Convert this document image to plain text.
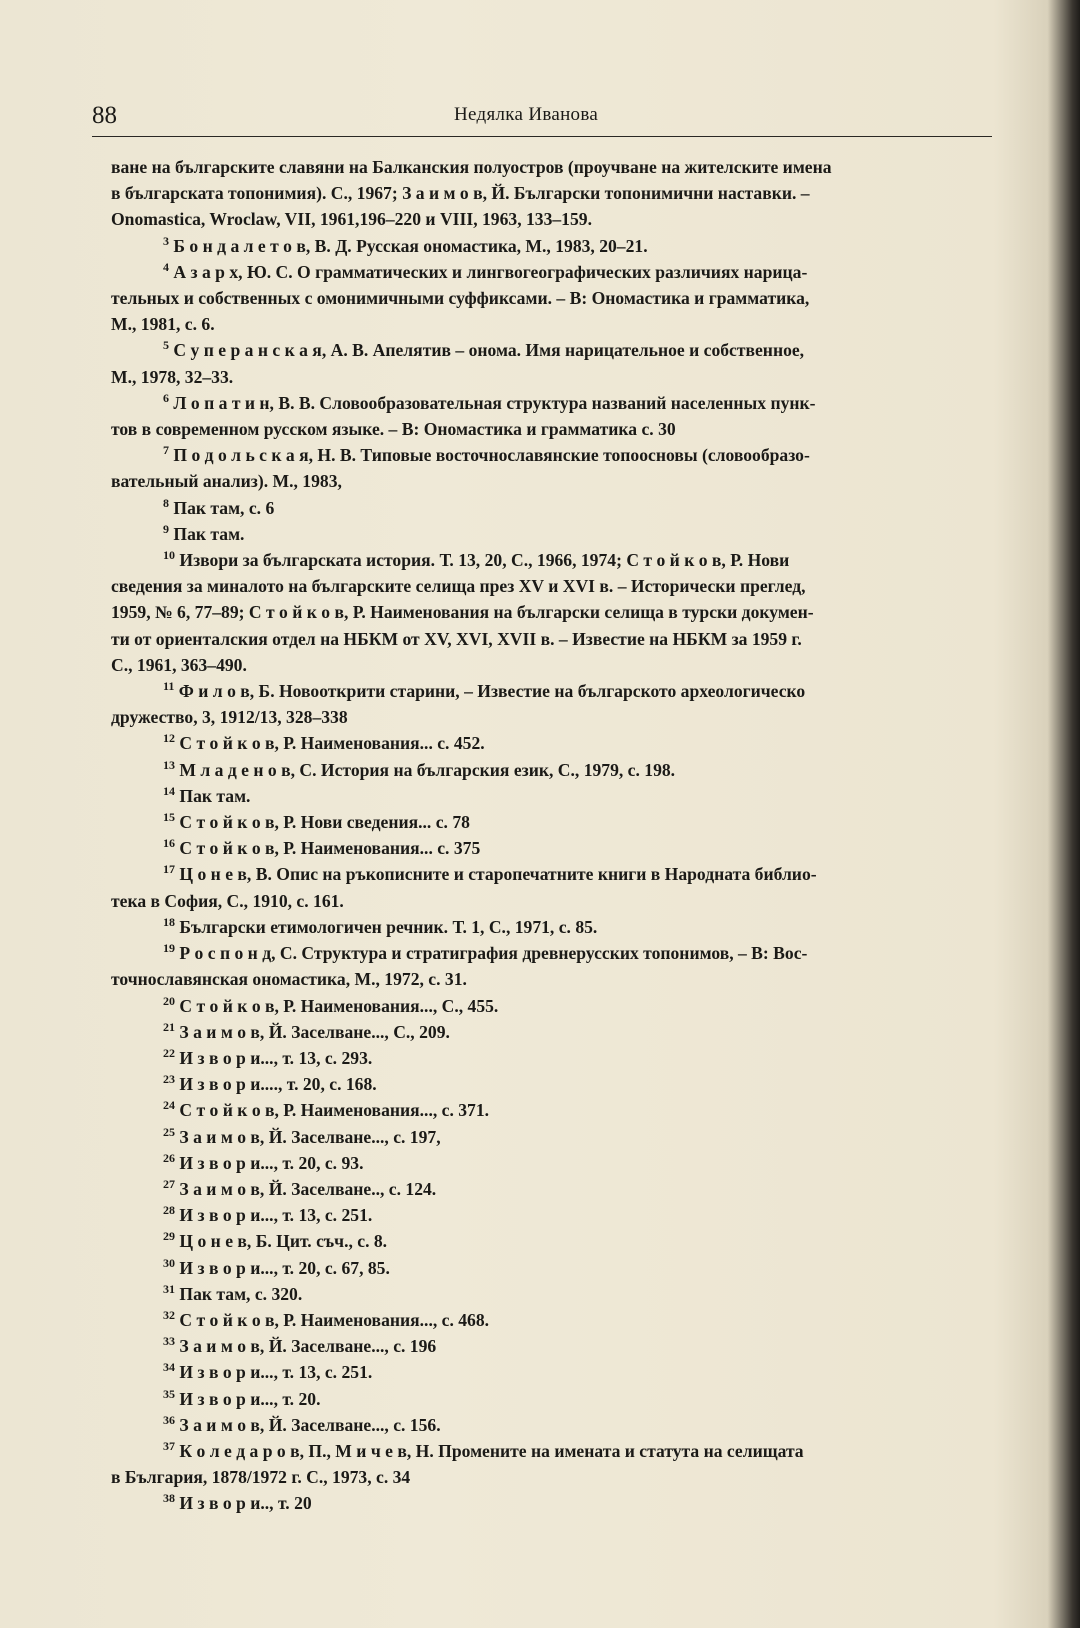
88	Недялка Иванова

ване на българските славяни на Балканския полуостров (проучване на жителските имена
в българската топонимия). С., 1967; З а и м о в, Й. Български топонимични наставки. –
Onomastica, Wroclaw, VII, 1961,196–220 и VIII, 1963, 133–159.

$^3$ Б о н д а л е т о в, В. Д. Русская ономастика, М., 1983, 20–21.

$^4$ А з а р х, Ю. С. О грамматических и лингвогеографических различиях нарица-
тельных и собственных с омонимичными суффиксами. – В: Ономастика и грамматика,
М., 1981, с. 6.

$^5$ С у п е р а н с к а я, А. В. Апелятив – онома. Имя нарицательное и собственное,
М., 1978, 32–33.

$^6$ Л о п а т и н, В. В. Словообразовательная структура названий населенных пунк-
тов в современном русском языке. – В: Ономастика и грамматика с. 30

$^7$ П о д о л ь с к а я, Н. В. Типовые восточнославянские топоосновы (словообразо-
вательный анализ). М., 1983,

$^8$ Пак там, с. 6

$^9$ Пак там.

$^{10}$ Извори за българската история. Т. 13, 20, С., 1966, 1974; С т о й к о в, Р. Нови
сведения за миналото на българските селища през XV и XVI в. – Исторически преглед,
1959, № 6, 77–89; С т о й к о в, Р. Наименования на български селища в турски докумен-
ти от ориенталския отдел на НБКМ от XV, XVI, XVII в. – Известие на НБКМ за 1959 г.
С., 1961, 363–490.

$^{11}$ Ф и л о в, Б. Новооткрити старини, – Известие на българското археологическо
дружество, 3, 1912/13, 328–338

$^{12}$ С т о й к о в, Р. Наименования... с. 452.

$^{13}$ М л а д е н о в, С. История на българския език, С., 1979, с. 198.

$^{14}$ Пак там.

$^{15}$ С т о й к о в, Р. Нови сведения... с. 78

$^{16}$ С т о й к о в, Р. Наименования... с. 375

$^{17}$ Ц о н е в, В. Опис на ръкописните и старопечатните книги в Народната библио-
тека в София, С., 1910, с. 161.

$^{18}$ Български етимологичен речник. Т. 1, С., 1971, с. 85.

$^{19}$ Р о с п о н д, С. Структура и стратиграфия древнерусских топонимов, – В: Вос-
точнославянская ономастика, М., 1972, с. 31.

$^{20}$ С т о й к о в, Р. Наименования..., С., 455.

$^{21}$ З а и м о в, Й. Заселване..., С., 209.

$^{22}$ И з в о р и..., т. 13, с. 293.

$^{23}$ И з в о р и...., т. 20, с. 168.

$^{24}$ С т о й к о в, Р. Наименования..., с. 371.

$^{25}$ З а и м о в, Й. Заселване..., с. 197,

$^{26}$ И з в о р и..., т. 20, с. 93.

$^{27}$ З а и м о в, Й. Заселване.., с. 124.

$^{28}$ И з в о р и..., т. 13, с. 251.

$^{29}$ Ц о н е в, Б. Цит. съч., с. 8.

$^{30}$ И з в о р и..., т. 20, с. 67, 85.

$^{31}$ Пак там, с. 320.

$^{32}$ С т о й к о в, Р. Наименования..., с. 468.

$^{33}$ З а и м о в, Й. Заселване..., с. 196

$^{34}$ И з в о р и..., т. 13, с. 251.

$^{35}$ И з в о р и..., т. 20.

$^{36}$ З а и м о в, Й. Заселване..., с. 156.

$^{37}$ К о л е д а р о в, П., М и ч е в, Н. Промените на имената и статута на селищата
в България, 1878/1972 г. С., 1973, с. 34

$^{38}$ И з в о р и.., т. 20
